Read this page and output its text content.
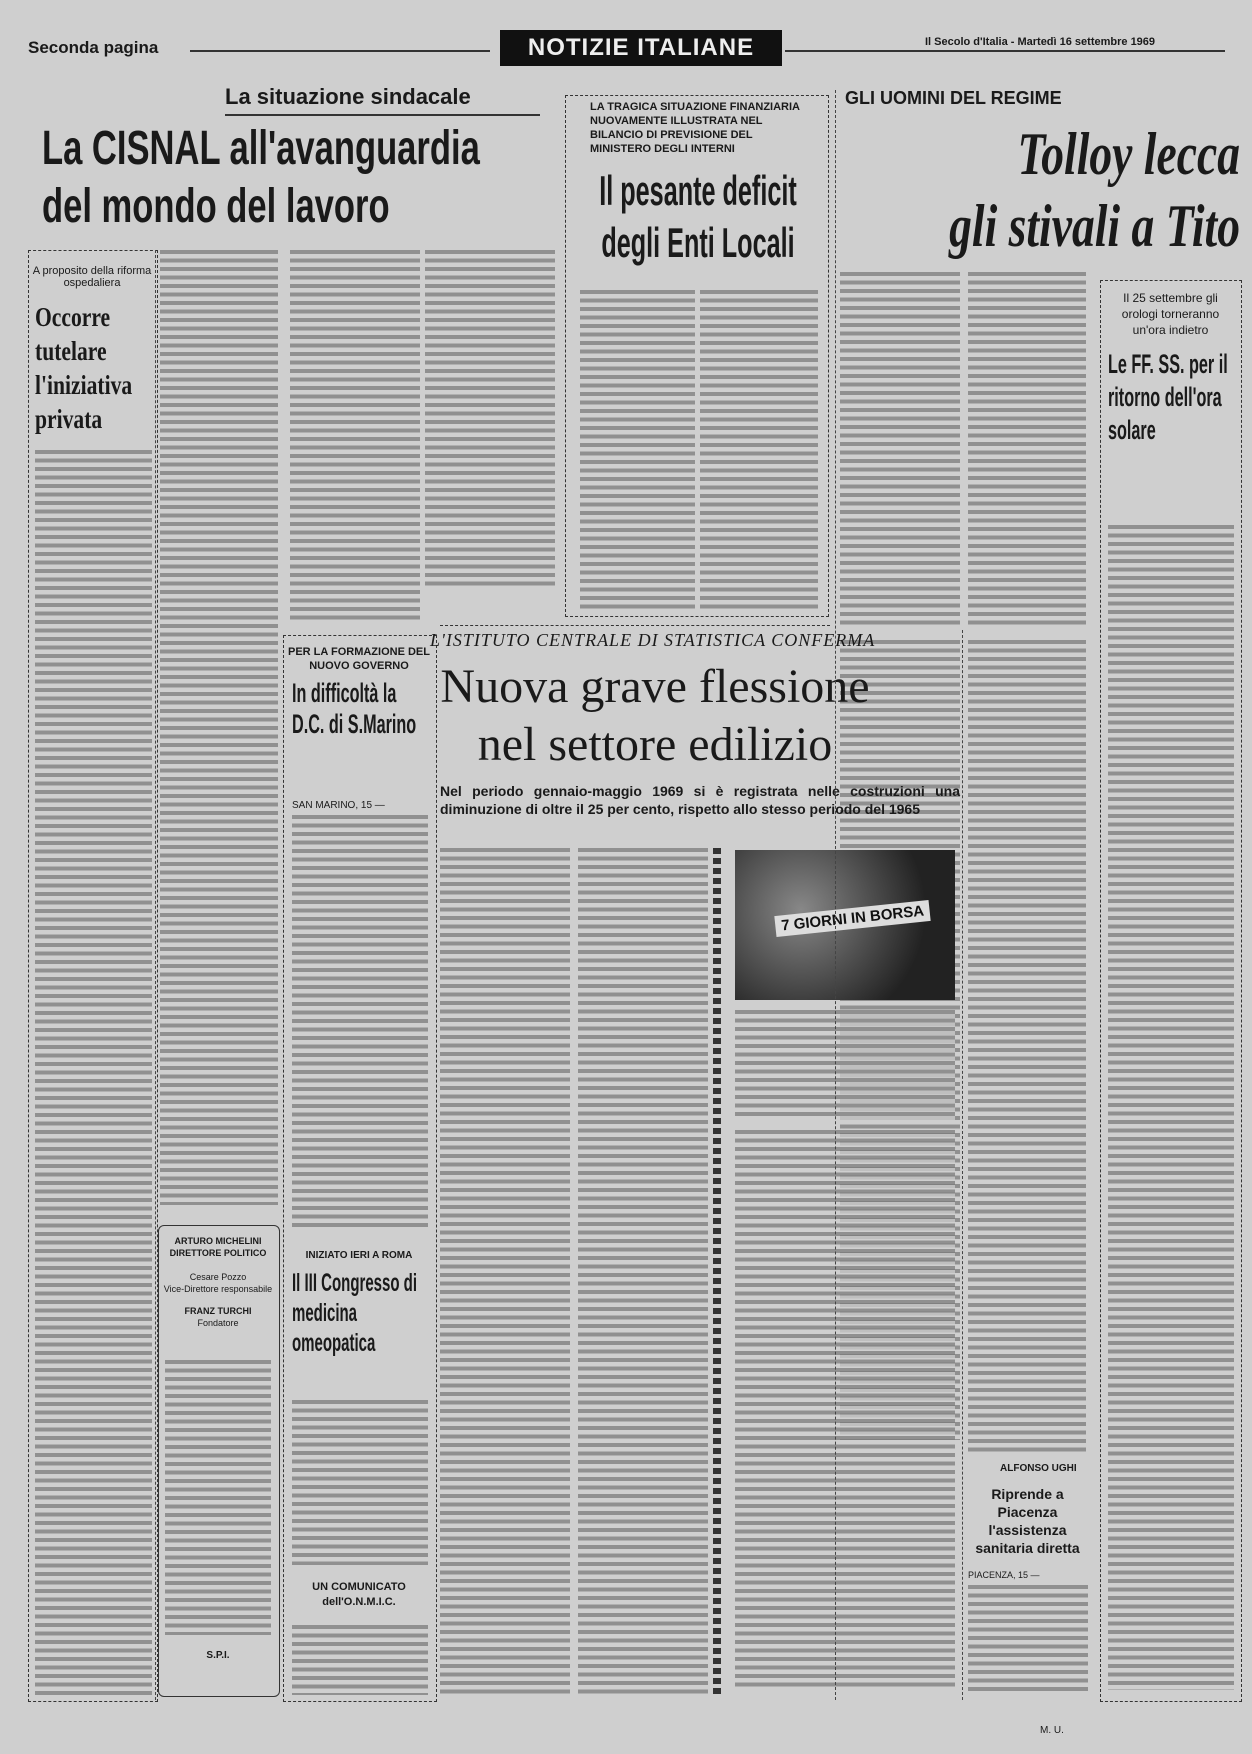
Seconda pagina	NOTIZIE ITALIANE	Il Secolo d'Italia - Martedì 16 settembre 1969
La situazione sindacale
La CISNAL all'avanguardia
del mondo del lavoro
LA TRAGICA SITUAZIONE FINANZIARIA NUOVAMENTE ILLUSTRATA NEL BILANCIO DI PREVISIONE DEL MINISTERO DEGLI INTERNI
Il pesante deficit degli Enti Locali
GLI UOMINI DEL REGIME
Tolloy lecca
gli stivali a Tito
ALFONSO UGHI
Il 25 settembre gli orologi torneranno un'ora indietro
Le FF. SS. per il ritorno dell'ora solare
A proposito della riforma ospedaliera
Occorre tutelare l'iniziativa privata
ARTURO MICHELINI
DIRETTORE POLITICO
Cesare Pozzo
Vice-Direttore responsabile
FRANZ TURCHI
Fondatore
S.P.I.
PER LA FORMAZIONE DEL NUOVO GOVERNO
In difficoltà la D.C. di S.Marino
SAN MARINO, 15 —
INIZIATO IERI A ROMA
Il III Congresso di medicina omeopatica
UN COMUNICATO
dell'O.N.M.I.C.
L'ISTITUTO CENTRALE DI STATISTICA CONFERMA
Nuova grave flessione
nel settore edilizio
Nel periodo gennaio-maggio 1969 si è registrata nelle costruzioni una diminuzione di oltre il 25 per cento, rispetto allo stesso periodo del 1965
7 GIORNI IN BORSA
M. U.
Riprende a Piacenza l'assistenza sanitaria diretta
PIACENZA, 15 —
